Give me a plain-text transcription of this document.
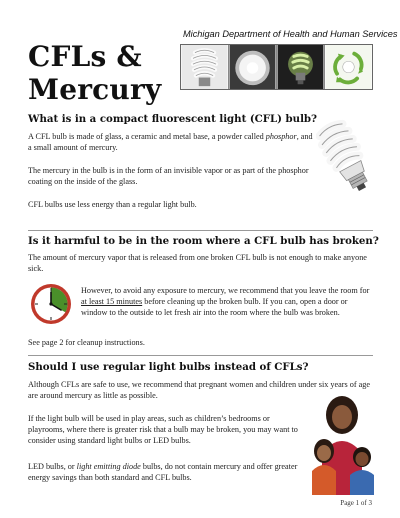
Michigan Department of Health and Human Services
CFLs &
Mercury
What is in a compact fluorescent light (CFL) bulb?
A CFL bulb is made of glass, a ceramic and metal base, a powder called phosphor, and a small amount of mercury.
The mercury in the bulb is in the form of an invisible vapor or as part of the phosphor coating on the inside of the glass.
CFL bulbs use less energy than a regular light bulb.
Is it harmful to be in the room where a CFL bulb has broken?
The amount of mercury vapor that is released from one broken CFL bulb is not enough to make anyone sick.
However, to avoid any exposure to mercury, we recommend that you leave the room for at least 15 minutes before cleaning up the broken bulb. If you can, open a door or window to the outside to let fresh air into the room where the bulb was broken.
See page 2 for cleanup instructions.
Should I use regular light bulbs instead of CFLs?
Although CFLs are safe to use, we recommend that pregnant women and children under six years of age are around mercury as little as possible.
If the light bulb will be used in play areas, such as children’s bedrooms or playrooms, where there is greater risk that a bulb may be broken, you may want to consider using standard light bulbs or LED bulbs.
LED bulbs, or light emitting diode bulbs, do not contain mercury and offer greater energy savings than both standard and CFL bulbs.
Page 1 of 3
